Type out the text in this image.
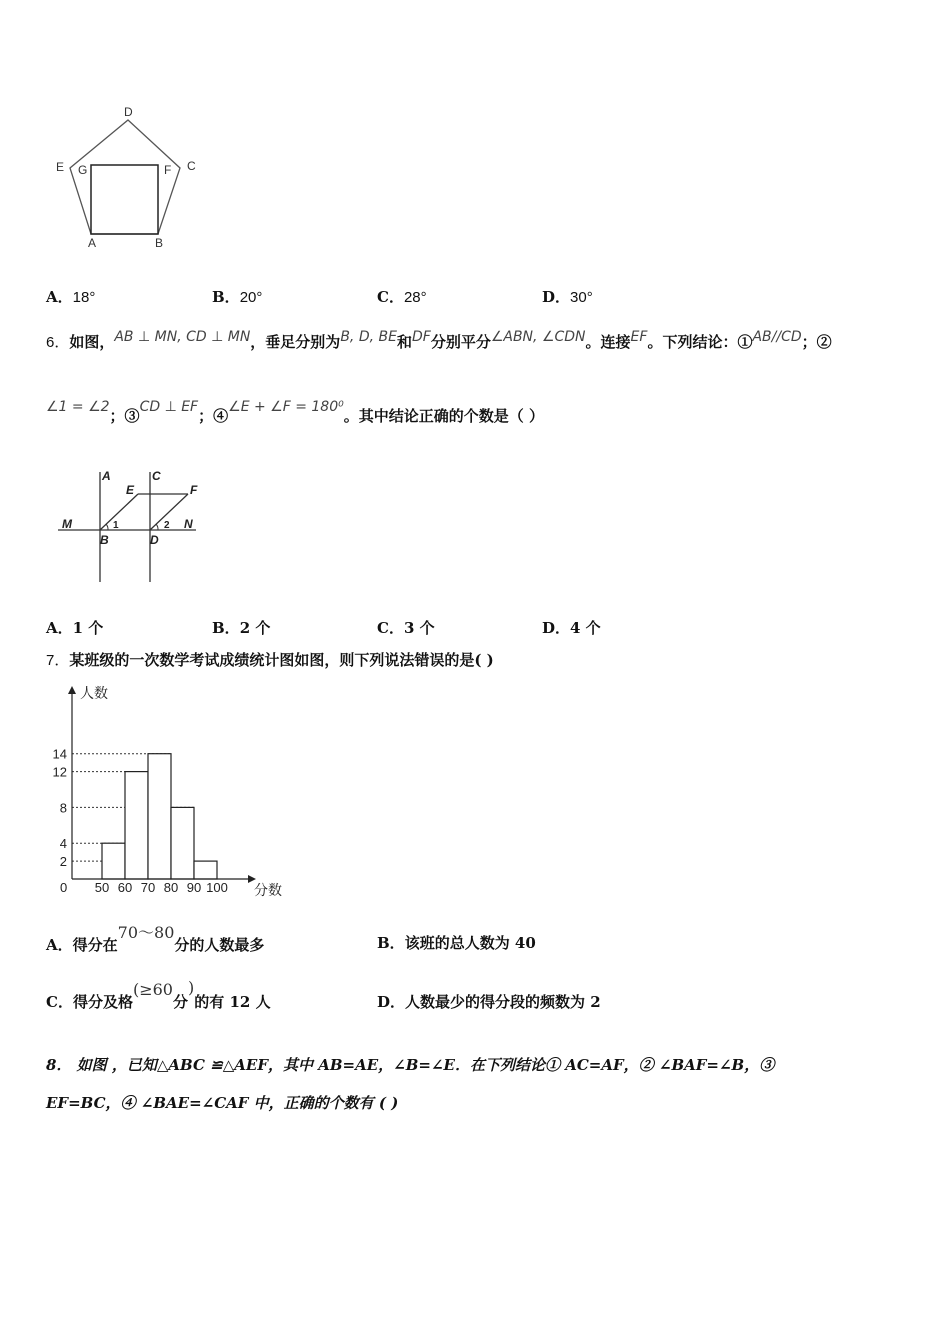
D
E G	F C
A	B
A．18°	B．20°	C．28°	D．30°
6．如图，AB ⊥ MN, CD ⊥ MN，垂足分别为B, D, BE和DF分别平分∠ABN, ∠CDN。连接EF。下列结论：①AB//CD；②
∠1 = ∠2；③CD ⊥ EF；④∠E + ∠F = 180⁰。其中结论正确的个数是（ ）
A	C
E	F
M	N
B	D
1	2
A．1 个	B．2 个	C．3 个	D．4 个
7．某班级的一次数学考试成绩统计图如图，则下列说法错误的是( )
2
4
8
12
14
50 60 70 80 90 100
0
人数
分数
A．得分在70～80分的人数最多	B．该班的总人数为 40
C．得分及格(≥60分)的有 12 人	D．人数最少的得分段的频数为 2
8． 如图 ，已知△ABC ≌△AEF，其中 AB=AE，∠B=∠E．在下列结论① AC=AF，② ∠BAF=∠B，③
EF=BC，④ ∠BAE=∠CAF 中，正确的个数有 ( )
